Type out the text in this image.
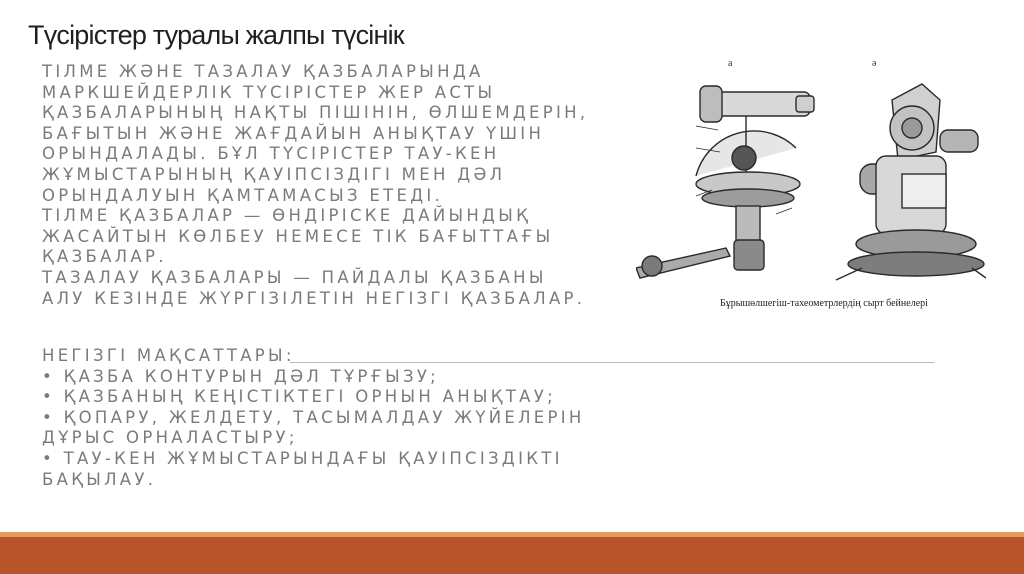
Түсірістер туралы жалпы түсінік
ТІЛМЕ ЖӘНЕ ТАЗАЛАУ ҚАЗБАЛАРЫНДА
МАРКШЕЙДЕРЛІК ТҮСІРІСТЕР ЖЕР АСТЫ
ҚАЗБАЛАРЫНЫҢ НАҚТЫ ПІШІНІН, ӨЛШЕМДЕРІН,
БАҒЫТЫН ЖӘНЕ ЖАҒДАЙЫН АНЫҚТАУ ҮШІН
ОРЫНДАЛАДЫ. БҰЛ ТҮСІРІСТЕР ТАУ-КЕН
ЖҰМЫСТАРЫНЫҢ ҚАУІПСІЗДІГІ МЕН ДӘЛ
ОРЫНДАЛУЫН ҚАМТАМАСЫЗ ЕТЕДІ.
ТІЛМЕ ҚАЗБАЛАР — ӨНДІРІСКЕ ДАЙЫНДЫҚ
ЖАСАЙТЫН КӨЛБЕУ НЕМЕСЕ ТІК БАҒЫТТАҒЫ
ҚАЗБАЛАР.
ТАЗАЛАУ ҚАЗБАЛАРЫ — ПАЙДАЛЫ ҚАЗБАНЫ
АЛУ КЕЗІНДЕ ЖҮРГІЗІЛЕТІН НЕГІЗГІ ҚАЗБАЛАР.
НЕГІЗГІ МАҚСАТТАРЫ:
• ҚАЗБА КОНТУРЫН ДӘЛ ТҰРҒЫЗУ;
• ҚАЗБАНЫҢ КЕҢІСТІКТЕГІ ОРНЫН АНЫҚТАУ;
• ҚОПАРУ, ЖЕЛДЕТУ, ТАСЫМАЛДАУ ЖҮЙЕЛЕРІН
ДҰРЫС ОРНАЛАСТЫРУ;
• ТАУ-КЕН ЖҰМЫСТАРЫНДАҒЫ ҚАУІПСІЗДІКТІ
БАҚЫЛАУ.
а	ә
Бұрышөлшегіш-тахеометрлердің сырт бейнелері
